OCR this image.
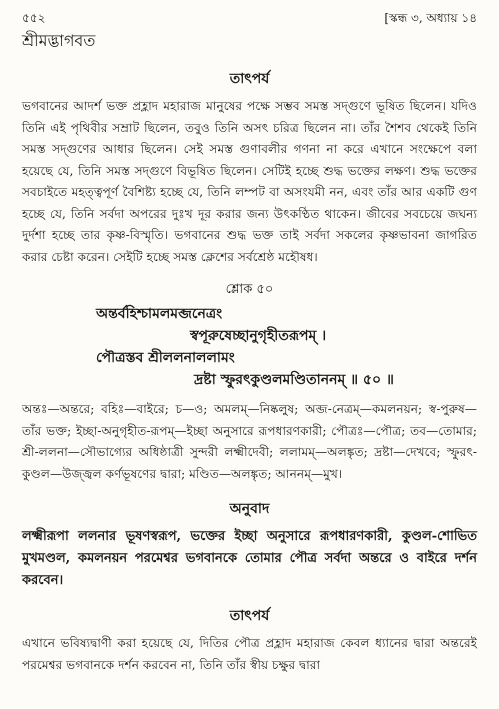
৫৫২	[স্কন্ধ ৩, অধ্যায় ১৪
শ্রীমদ্ভাগবত
তাৎপর্য

ভগবানের আদর্শ ভক্ত প্রহ্লাদ মহারাজ মানুষের পক্ষে সম্ভব সমস্ত সদ্‌গুণে ভূষিত ছিলেন। যদিও তিনি এই পৃথিবীর সম্রাট ছিলেন, তবুও তিনি অসৎ চরিত্র ছিলেন না। তাঁর শৈশব থেকেই তিনি সমস্ত সদ্‌গুণের আধার ছিলেন। সেই সমস্ত গুণাবলীর গণনা না করে এখানে সংক্ষেপে বলা হয়েছে যে, তিনি সমস্ত সদ্‌গুণে বিভূষিত ছিলেন। সেটিই হচ্ছে শুদ্ধ ভক্তের লক্ষণ। শুদ্ধ ভক্তের সবচাইতে মহত্ত্বপূর্ণ বৈশিষ্ট্য হচ্ছে যে, তিনি লম্পট বা অসংযমী নন, এবং তাঁর আর একটি গুণ হচ্ছে যে, তিনি সর্বদা অপরের দুঃখ দূর করার জন্য উৎকণ্ঠিত থাকেন। জীবের সবচেয়ে জঘন্য দুর্দশা হচ্ছে তার কৃষ্ণ-বিস্মৃতি। ভগবানের শুদ্ধ ভক্ত তাই সর্বদা সকলের কৃষ্ণভাবনা জাগরিত করার চেষ্টা করেন। সেইটি হচ্ছে সমস্ত ক্লেশের সর্বশ্রেষ্ঠ মহৌষধ।

শ্লোক ৫০
অন্তর্বহিশ্চামলমব্জনেত্রং
স্বপূরুষেচ্ছানুগৃহীতরূপম্ ।
পৌত্রস্তব শ্রীললনাললামং
দ্রষ্টা স্ফুরৎকুণ্ডলমণ্ডিতাননম্ ॥ ৫০ ॥

অন্তঃ—অন্তরে; বহিঃ—বাইরে; চ—ও; অমলম্—নিষ্কলুষ; অব্জ-নেত্রম্—কমলনয়ন; স্ব-পুরুষ—তাঁর ভক্ত; ইচ্ছা-অনুগৃহীত-রূপম্—ইচ্ছা অনুসারে রূপধারণকারী; পৌত্রঃ—পৌত্র; তব—তোমার; শ্রী-ললনা—সৌভাগ্যের অধিষ্ঠাত্রী সুন্দরী লক্ষ্মীদেবী; ললামম্—অলঙ্কৃত; দ্রষ্টা—দেখবে; স্ফুরৎ-কুণ্ডল—উজ্জ্বল কর্ণভূষণের দ্বারা; মণ্ডিত—অলঙ্কৃত; আননম্—মুখ।

অনুবাদ

লক্ষ্মীরূপা ললনার ভূষণস্বরূপ, ভক্তের ইচ্ছা অনুসারে রূপধারণকারী, কুণ্ডল-শোভিত মুখমণ্ডল, কমলনয়ন পরমেশ্বর ভগবানকে তোমার পৌত্র সর্বদা অন্তরে ও বাইরে দর্শন করবেন।

তাৎপর্য

এখানে ভবিষ্যদ্বাণী করা হয়েছে যে, দিতির পৌত্র প্রহ্লাদ মহারাজ কেবল ধ্যানের দ্বারা অন্তরেই পরমেশ্বর ভগবানকে দর্শন করবেন না, তিনি তাঁর স্বীয় চক্ষুর দ্বারা
